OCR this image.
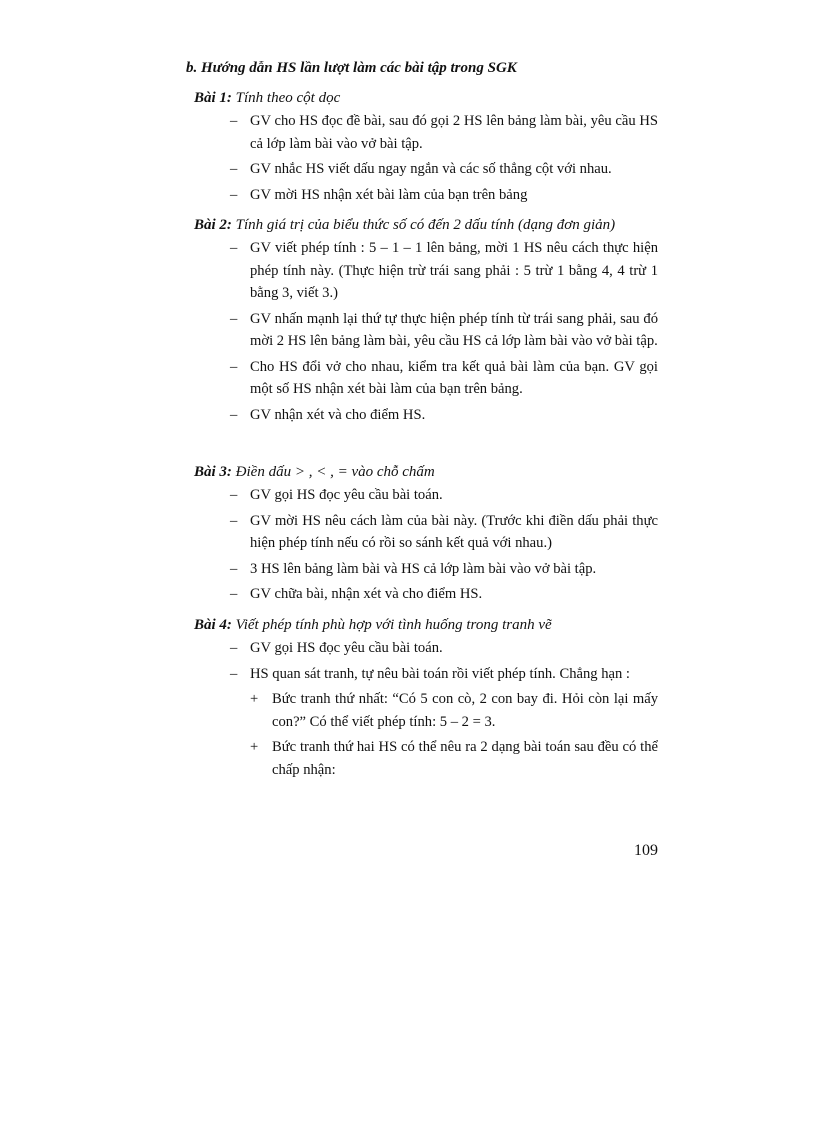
b. Hướng dẫn HS lần lượt làm các bài tập trong SGK

Bài 1: Tính theo cột dọc

– GV cho HS đọc đề bài, sau đó gọi 2 HS lên bảng làm bài, yêu cầu HS cả lớp làm bài vào vở bài tập.

– GV nhắc HS viết dấu ngay ngắn và các số thẳng cột với nhau.

– GV mời HS nhận xét bài làm của bạn trên bảng

Bài 2: Tính giá trị của biểu thức số có đến 2 dấu tính (dạng đơn giản)

– GV viết phép tính : 5 – 1 – 1 lên bảng, mời 1 HS nêu cách thực hiện phép tính này. (Thực hiện trừ trái sang phải : 5 trừ 1 bằng 4, 4 trừ 1 bằng 3, viết 3.)

– GV nhấn mạnh lại thứ tự thực hiện phép tính từ trái sang phải, sau đó mời 2 HS lên bảng làm bài, yêu cầu HS cả lớp làm bài vào vở bài tập.

– Cho HS đổi vở cho nhau, kiểm tra kết quả bài làm của bạn. GV gọi một số HS nhận xét bài làm của bạn trên bảng.

– GV nhận xét và cho điểm HS.

Bài 3: Điền dấu > , < , = vào chỗ chấm

– GV gọi HS đọc yêu cầu bài toán.

– GV mời HS nêu cách làm của bài này. (Trước khi điền dấu phải thực hiện phép tính nếu có rồi so sánh kết quả với nhau.)

– 3 HS lên bảng làm bài và HS cả lớp làm bài vào vở bài tập.

– GV chữa bài, nhận xét và cho điểm HS.

Bài 4: Viết phép tính phù hợp với tình huống trong tranh vẽ

– GV gọi HS đọc yêu cầu bài toán.

– HS quan sát tranh, tự nêu bài toán rồi viết phép tính. Chẳng hạn :

+ Bức tranh thứ nhất: “Có 5 con cò, 2 con bay đi. Hỏi còn lại mấy con?” Có thể viết phép tính: 5 – 2 = 3.

+ Bức tranh thứ hai HS có thể nêu ra 2 dạng bài toán sau đều có thể chấp nhận:

109
